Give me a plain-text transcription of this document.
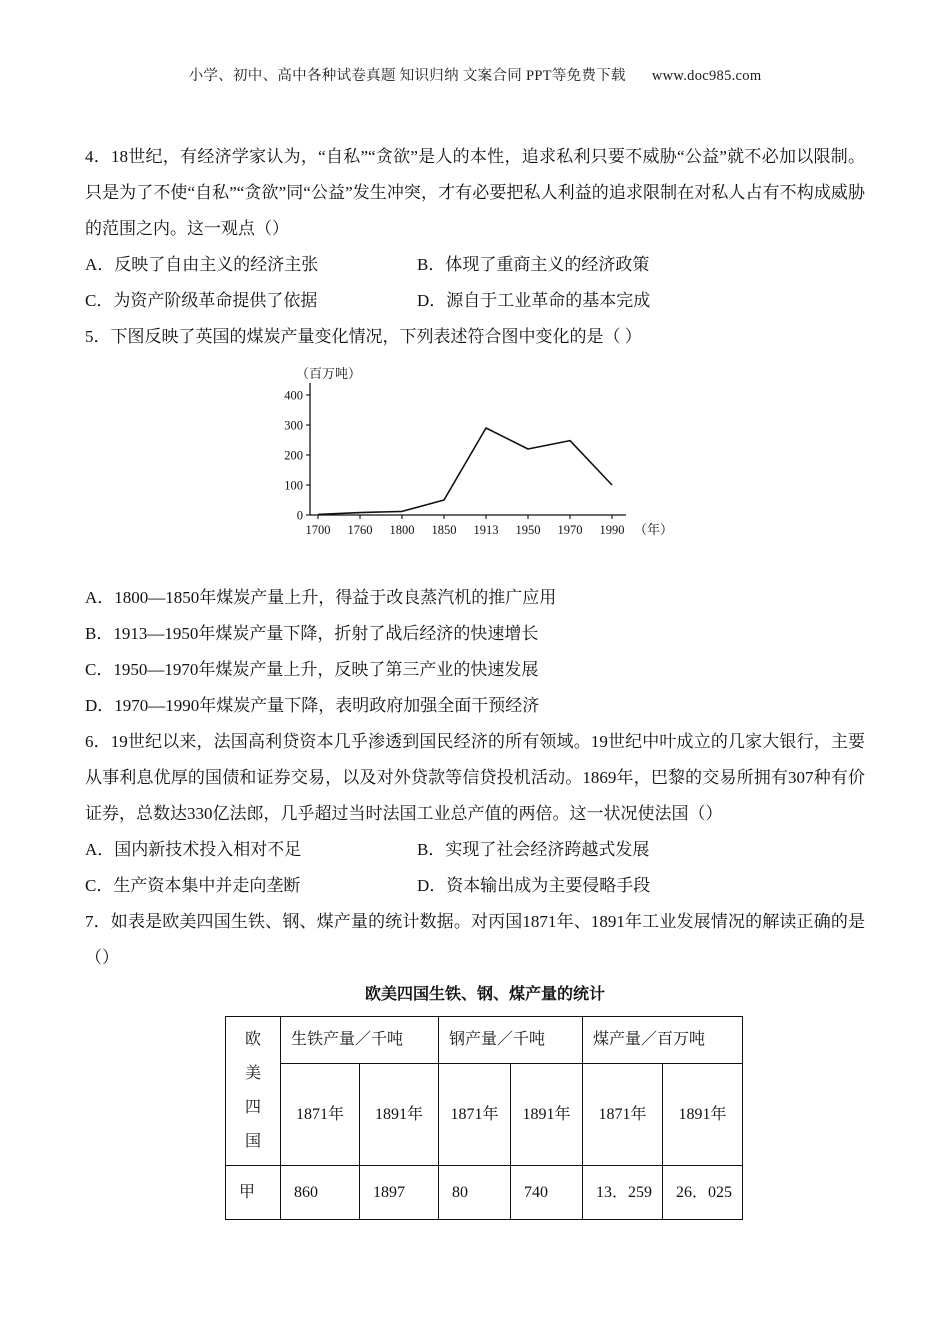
小学、初中、高中各种试卷真题 知识归纳 文案合同 PPT等免费下载 www.doc985.com

4．18世纪，有经济学家认为，“自私”“贪欲”是人的本性，追求私利只要不威胁“公益”就不必加以限制。只是为了不使“自私”“贪欲”同“公益”发生冲突，才有必要把私人利益的追求限制在对私人占有不构成威胁的范围之内。这一观点（）

A．反映了自由主义的经济主张	B．体现了重商主义的经济政策
C．为资产阶级革命提供了依据	D．源自于工业革命的基本完成

5．下图反映了英国的煤炭产量变化情况，下列表述符合图中变化的是（ ）

（百万吨）
0
100
200
300
400
1700 1760 1800 1850 1913 1950 1970 1990 （年）
A．1800—1850年煤炭产量上升，得益于改良蒸汽机的推广应用
B．1913—1950年煤炭产量下降，折射了战后经济的快速增长
C．1950—1970年煤炭产量上升，反映了第三产业的快速发展
D．1970—1990年煤炭产量下降，表明政府加强全面干预经济

6．19世纪以来，法国高利贷资本几乎渗透到国民经济的所有领域。19世纪中叶成立的几家大银行，主要从事利息优厚的国债和证券交易，以及对外贷款等信贷投机活动。1869年，巴黎的交易所拥有307种有价证券，总数达330亿法郎，几乎超过当时法国工业总产值的两倍。这一状况使法国（）

A．国内新技术投入相对不足	B．实现了社会经济跨越式发展
C．生产资本集中并走向垄断	D．资本输出成为主要侵略手段

7．如表是欧美四国生铁、钢、煤产量的统计数据。对丙国1871年、1891年工业发展情况的解读正确的是（）

欧美四国生铁、钢、煤产量的统计

欧美四国	生铁产量／千吨		钢产量／千吨		煤产量／百万吨	
	1871年	1891年	1871年	1891年	1871年	1891年
甲	860	1897	80	740	13．259	26．025
